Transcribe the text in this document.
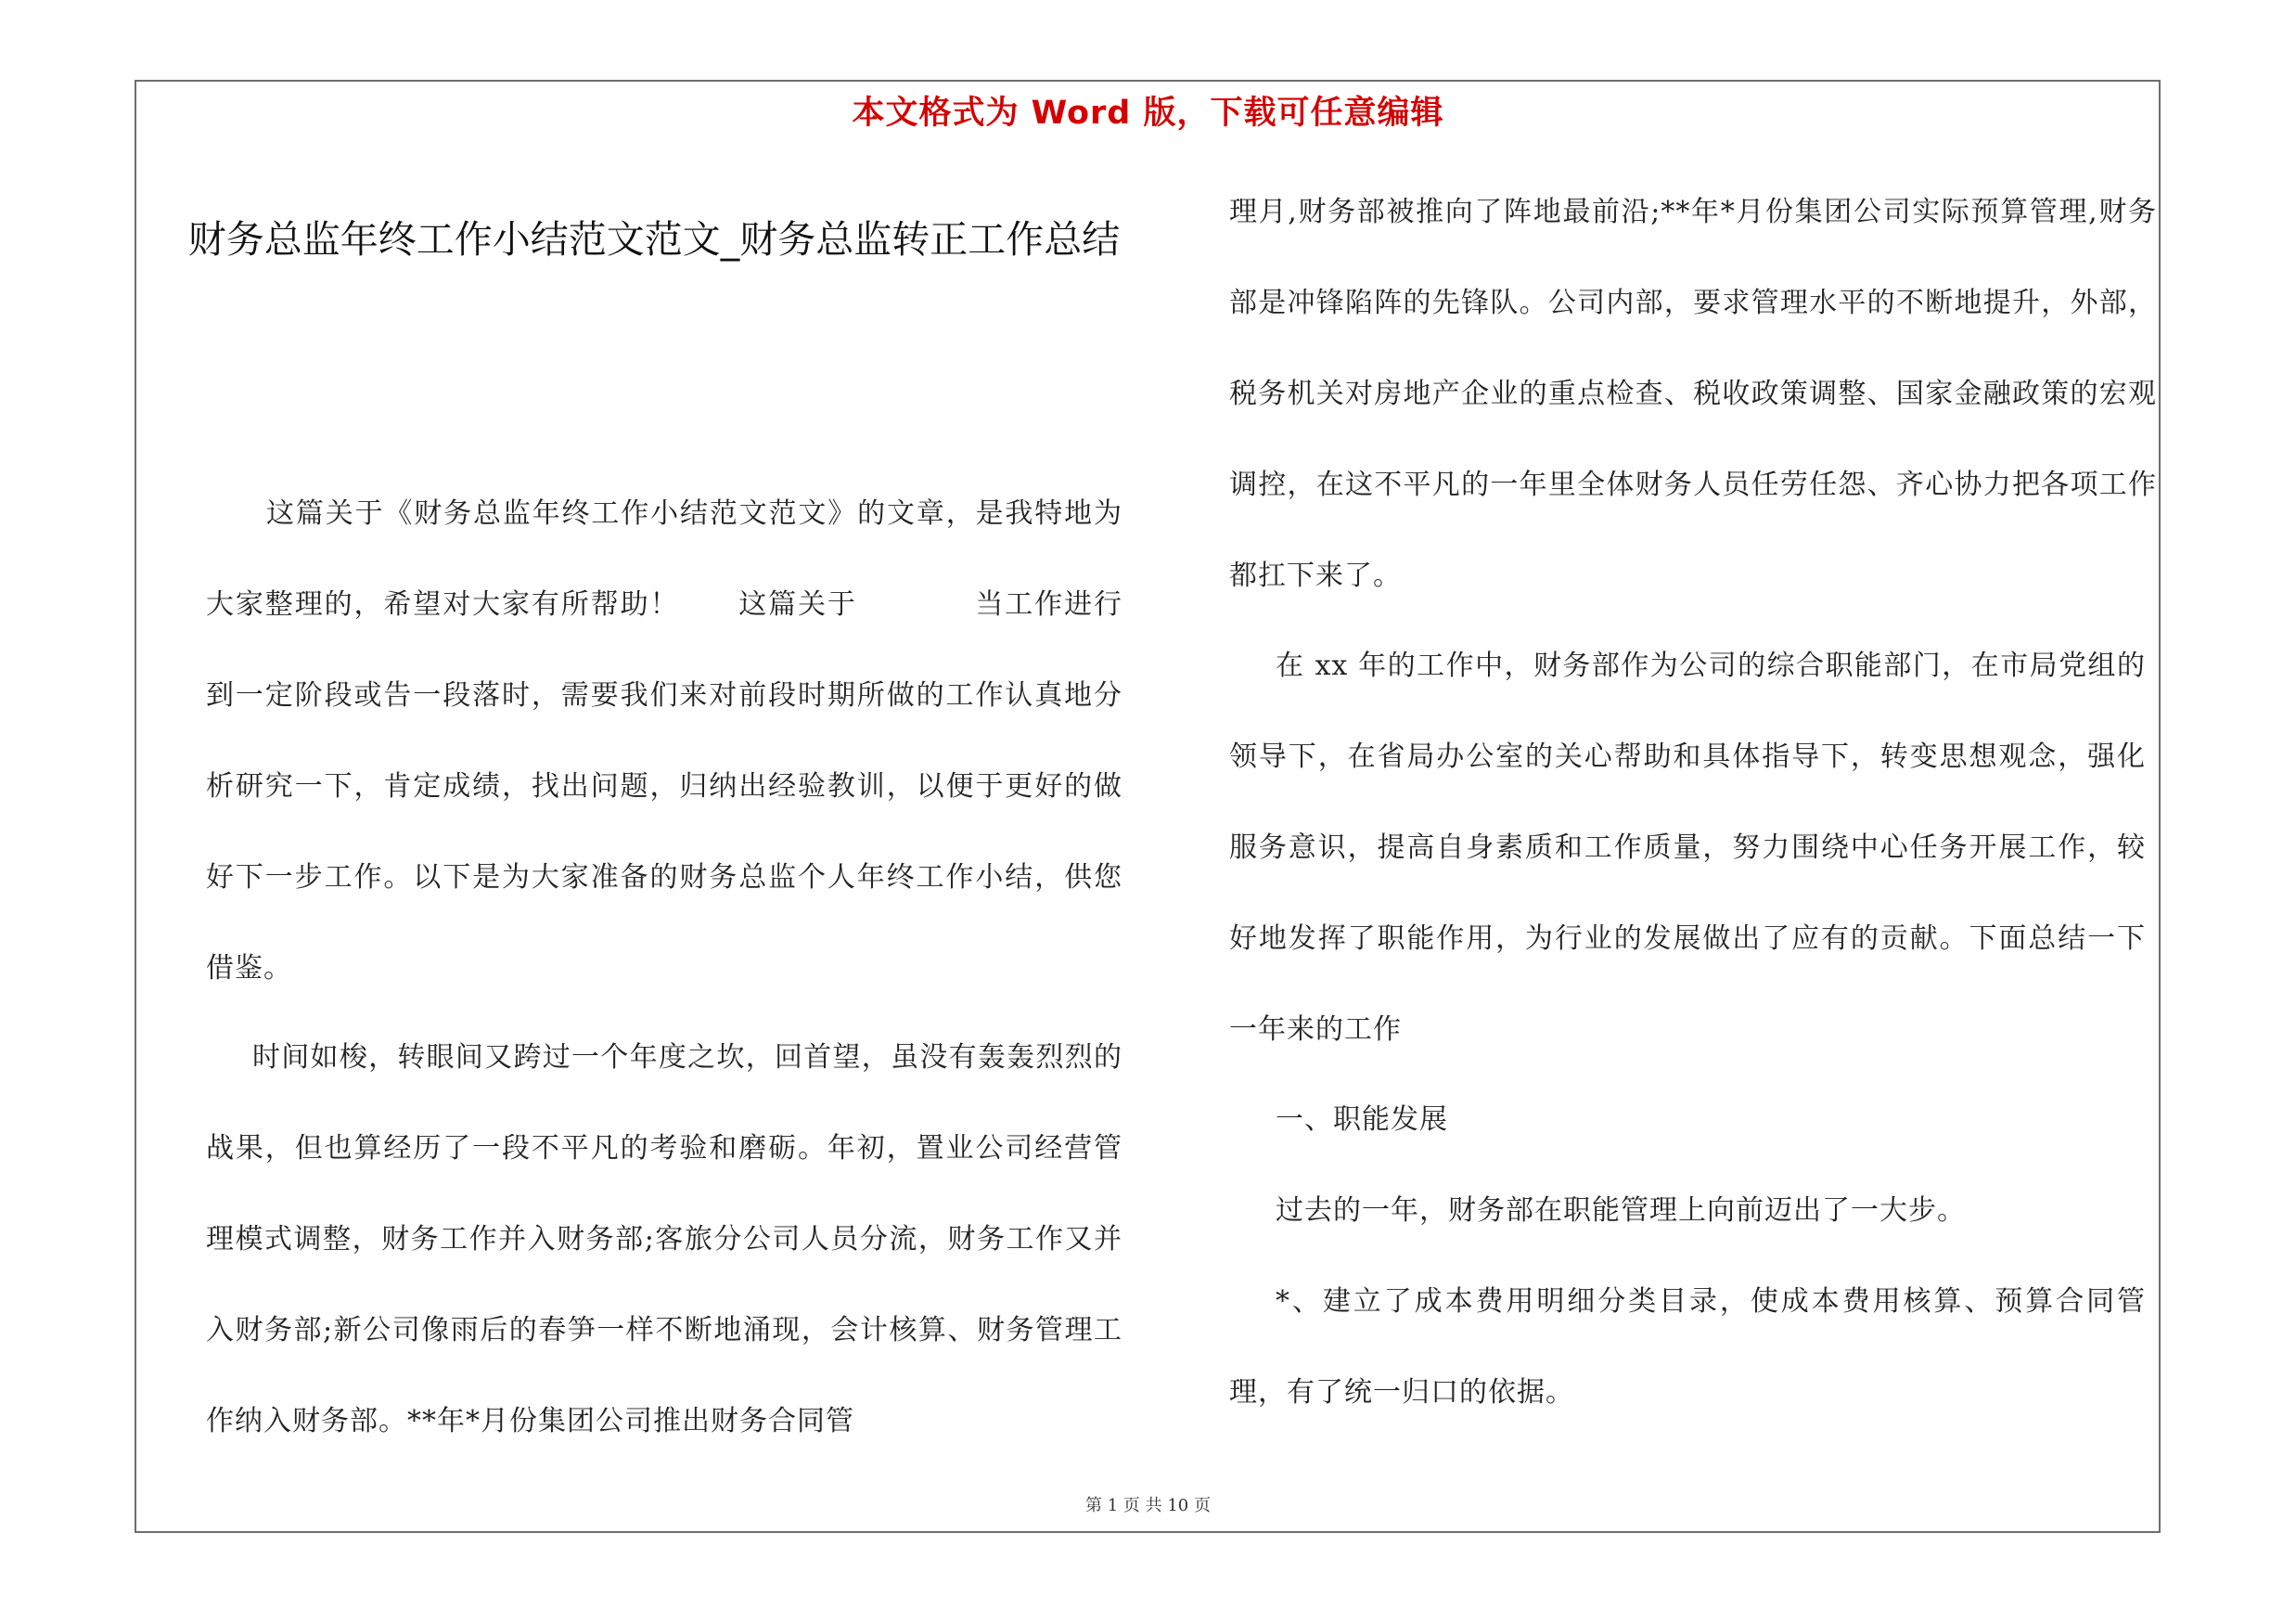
本文格式为 Word 版，下载可任意编辑
财务总监年终工作小结范文范文_财务总监转正工作总结
这篇关于《财务总监年终工作小结范文范文》的文章，是我特地为大家整理的，希望对大家有所帮助！　　这篇关于　　　　当工作进行到一定阶段或告一段落时，需要我们来对前段时期所做的工作认真地分析研究一下，肯定成绩，找出问题，归纳出经验教训，以便于更好的做好下一步工作。以下是为大家准备的财务总监个人年终工作小结，供您借鉴。
时间如梭，转眼间又跨过一个年度之坎，回首望，虽没有轰轰烈烈的战果，但也算经历了一段不平凡的考验和磨砺。年初，置业公司经营管理模式调整，财务工作并入财务部;客旅分公司人员分流，财务工作又并入财务部;新公司像雨后的春笋一样不断地涌现，会计核算、财务管理工作纳入财务部。**年*月份集团公司推出财务合同管
理月,财务部被推向了阵地最前沿;**年*月份集团公司实际预算管理,财务部是冲锋陷阵的先锋队。公司内部，要求管理水平的不断地提升，外部，税务机关对房地产企业的重点检查、税收政策调整、国家金融政策的宏观调控，在这不平凡的一年里全体财务人员任劳任怨、齐心协力把各项工作都扛下来了。
在 xx 年的工作中，财务部作为公司的综合职能部门，在市局党组的领导下，在省局办公室的关心帮助和具体指导下，转变思想观念，强化服务意识，提高自身素质和工作质量，努力围绕中心任务开展工作，较好地发挥了职能作用，为行业的发展做出了应有的贡献。下面总结一下一年来的工作
一、职能发展
过去的一年，财务部在职能管理上向前迈出了一大步。
*、建立了成本费用明细分类目录，使成本费用核算、预算合同管理，有了统一归口的依据。
第 1 页 共 10 页
